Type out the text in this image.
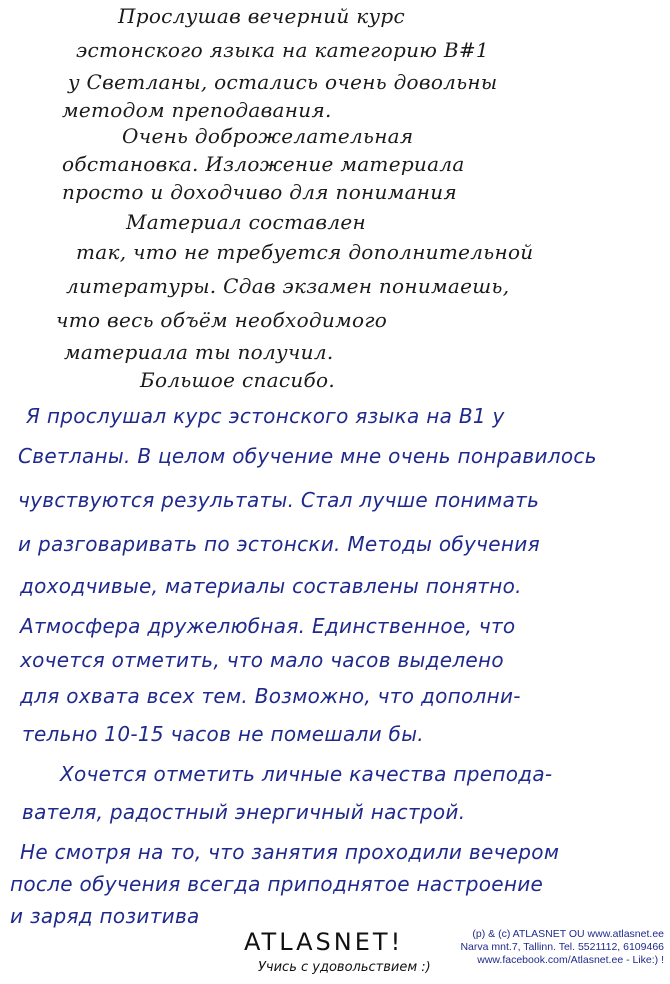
Прослушав вечерний курс
эстонского языка на категорию В#1
у Светланы, остались очень довольны
методом преподавания.
Очень доброжелательная
обстановка. Изложение материала
просто и доходчиво для понимания
Материал составлен
так, что не требуется дополнительной
литературы. Сдав экзамен понимаешь,
что весь объём необходимого
материала ты получил.
Большое спасибо.
Я прослушал курс эстонского языка на В1 у
Светланы. В целом обучение мне очень понравилось
чувствуются результаты. Стал лучше понимать
и разговаривать по эстонски. Методы обучения
доходчивые, материалы составлены понятно.
Атмосфера дружелюбная. Единственное, что
хочется отметить, что мало часов выделено
для охвата всех тем. Возможно, что дополни-
тельно 10-15 часов не помешали бы.
Хочется отметить личные качества препода-
вателя, радостный энергичный настрой.
Не смотря на то, что занятия проходили вечером
после обучения всегда приподнятое настроение
и заряд позитива
ATLASNET!
Учись с удовольствием :)
(p) & (c) ATLASNET OU www.atlasnet.ee
Narva mnt.7, Tallinn. Tel. 5521112, 6109466
www.facebook.com/Atlasnet.ee - Like:) !
